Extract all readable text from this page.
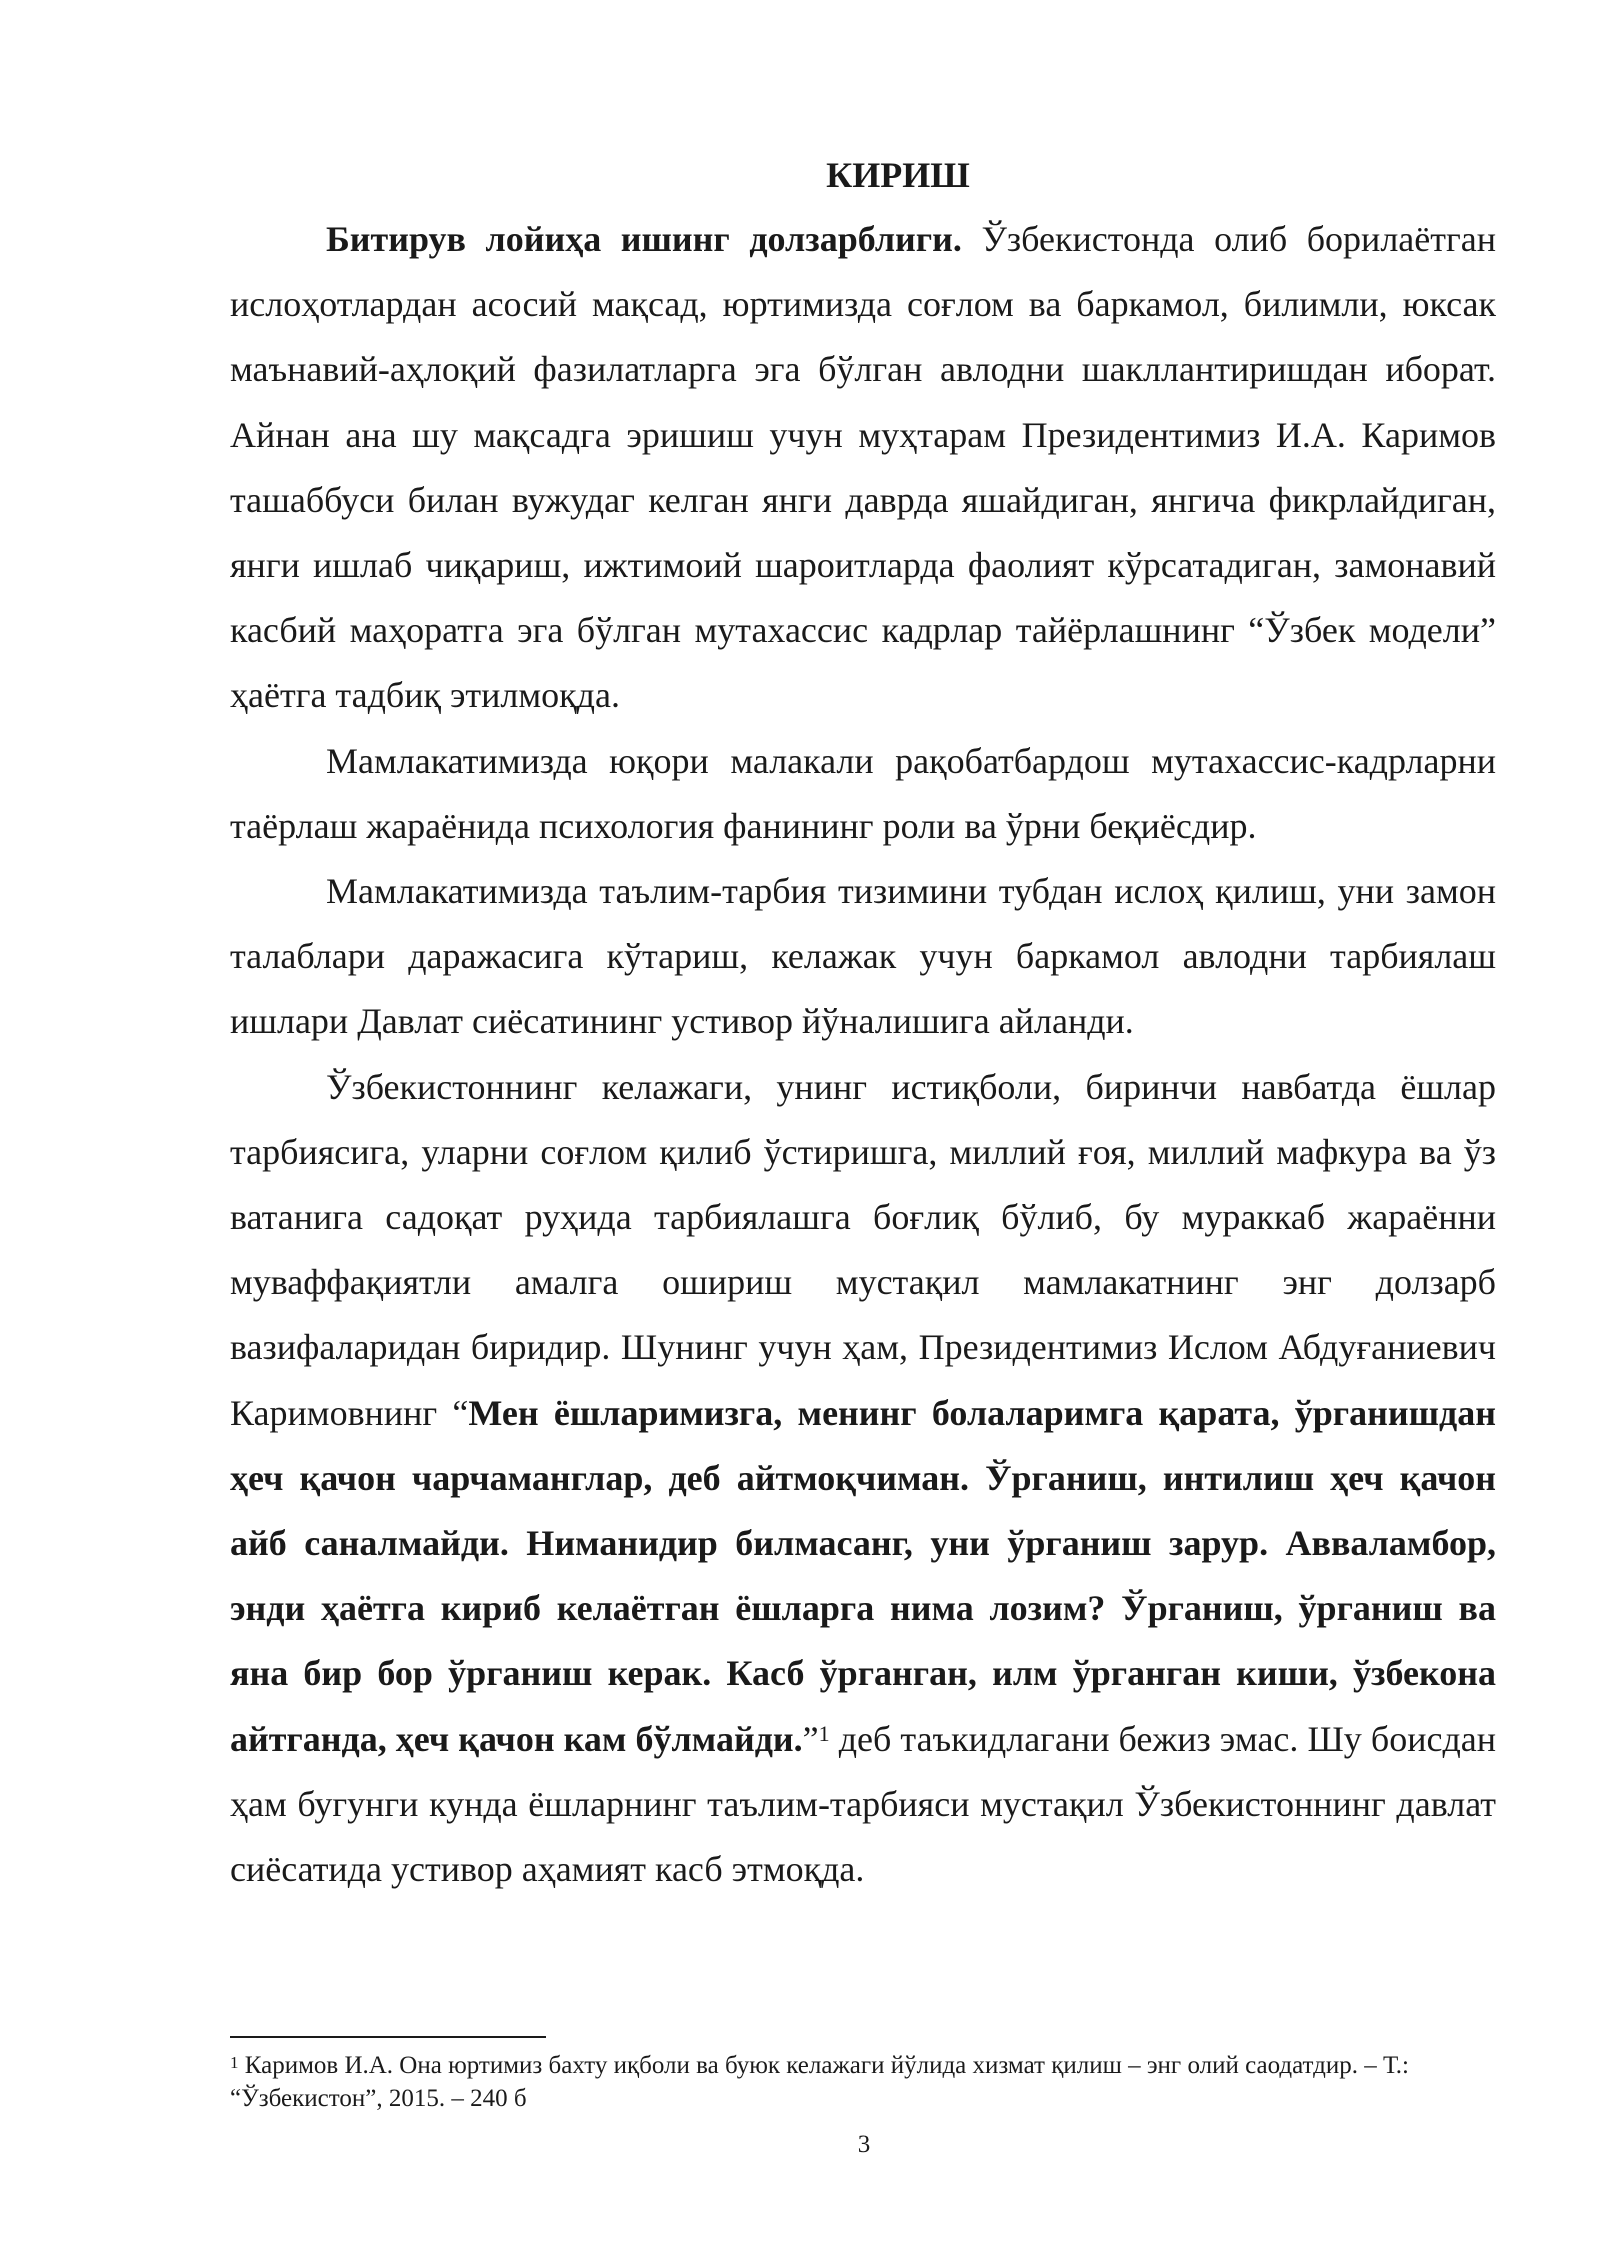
КИРИШ

Битирув лойиҳа ишинг долзарблиги. Ўзбекистонда олиб борилаётган ислоҳотлардан асосий мақсад, юртимизда соғлом ва баркамол, билимли, юксак маънавий-аҳлоқий фазилатларга эга бўлган авлодни шакллантиришдан иборат. Айнан ана шу мақсадга эришиш учун муҳтарам Президентимиз И.А. Каримов ташаббуси билан вужудаг келган янги даврда яшайдиган, янгича фикрлайдиган, янги ишлаб чиқариш, ижтимоий шароитларда фаолият кўрсатадиган, замонавий касбий маҳоратга эга бўлган мутахассис кадрлар тайёрлашнинг “Ўзбек модели” ҳаётга тадбиқ этилмоқда.

Мамлакатимизда юқори малакали рақобатбардош мутахассис-кадрларни таёрлаш жараёнида психология фанининг роли ва ўрни беқиёсдир.

Мамлакатимизда таълим-тарбия тизимини тубдан ислоҳ қилиш, уни замон талаблари даражасига кўтариш, келажак учун баркамол авлодни тарбиялаш ишлари Давлат сиёсатининг устивор йўналишига айланди.

Ўзбекистоннинг келажаги, унинг истиқболи, биринчи навбатда ёшлар тарбиясига, уларни соғлом қилиб ўстиришга, миллий ғоя, миллий мафкура ва ўз ватанига садоқат руҳида тарбиялашга боғлиқ бўлиб, бу мураккаб жараённи муваффақиятли амалга ошириш мустақил мамлакатнинг энг долзарб вазифаларидан биридир. Шунинг учун ҳам, Президентимиз Ислом Абдуғаниевич Каримовнинг “Мен ёшларимизга, менинг болаларимга қарата, ўрганишдан ҳеч қачон чарчаманглар, деб айтмоқчиман. Ўрганиш, интилиш ҳеч қачон айб саналмайди. Ниманидир билмасанг, уни ўрганиш зарур. Авваламбор, энди ҳаётга кириб келаётган ёшларга нима лозим? Ўрганиш, ўрганиш ва яна бир бор ўрганиш керак. Касб ўрганган, илм ўрганган киши, ўзбекона айтганда, ҳеч қачон кам бўлмайди.”$^1$ деб таъкидлагани бежиз эмас. Шу боисдан ҳам бугунги кунда ёшларнинг таълим-тарбияси мустақил Ўзбекистоннинг давлат сиёсатида устивор аҳамият касб этмоқда.

$^1$ Каримов И.А. Она юртимиз бахту иқболи ва буюк келажаги йўлида хизмат қилиш – энг олий саодатдир. – Т.: “Ўзбекистон”, 2015. – 240 б
3
